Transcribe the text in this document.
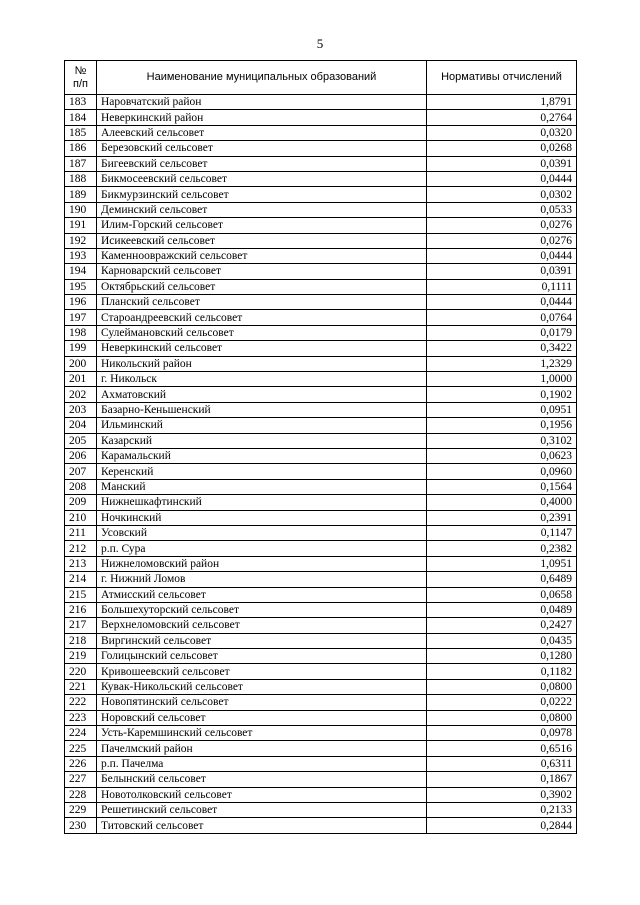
5
№
п/п	Наименование муниципальных образований	Нормативы отчислений
183	Наровчатский район	1,8791
184	Неверкинский район	0,2764
185	Алеевский сельсовет	0,0320
186	Березовский сельсовет	0,0268
187	Бигеевский сельсовет	0,0391
188	Бикмосеевский сельсовет	0,0444
189	Бикмурзинский сельсовет	0,0302
190	Деминский сельсовет	0,0533
191	Илим-Горский сельсовет	0,0276
192	Исикеевский сельсовет	0,0276
193	Каменноовражский сельсовет	0,0444
194	Карноварский сельсовет	0,0391
195	Октябрьский сельсовет	0,1111
196	Планский сельсовет	0,0444
197	Староандреевский сельсовет	0,0764
198	Сулеймановский сельсовет	0,0179
199	Неверкинский сельсовет	0,3422
200	Никольский район	1,2329
201	г. Никольск	1,0000
202	Ахматовский	0,1902
203	Базарно-Кеньшенский	0,0951
204	Ильминский	0,1956
205	Казарский	0,3102
206	Карамальский	0,0623
207	Керенский	0,0960
208	Манский	0,1564
209	Нижнешкафтинский	0,4000
210	Ночкинский	0,2391
211	Усовский	0,1147
212	р.п. Сура	0,2382
213	Нижнеломовский район	1,0951
214	г. Нижний Ломов	0,6489
215	Атмисский сельсовет	0,0658
216	Большехуторский сельсовет	0,0489
217	Верхнеломовский сельсовет	0,2427
218	Виргинский сельсовет	0,0435
219	Голицынский сельсовет	0,1280
220	Кривошеевский сельсовет	0,1182
221	Кувак-Никольский сельсовет	0,0800
222	Новопятинский сельсовет	0,0222
223	Норовский сельсовет	0,0800
224	Усть-Каремшинский сельсовет	0,0978
225	Пачелмский район	0,6516
226	р.п. Пачелма	0,6311
227	Белынский сельсовет	0,1867
228	Новотолковский сельсовет	0,3902
229	Решетинский сельсовет	0,2133
230	Титовский сельсовет	0,2844
